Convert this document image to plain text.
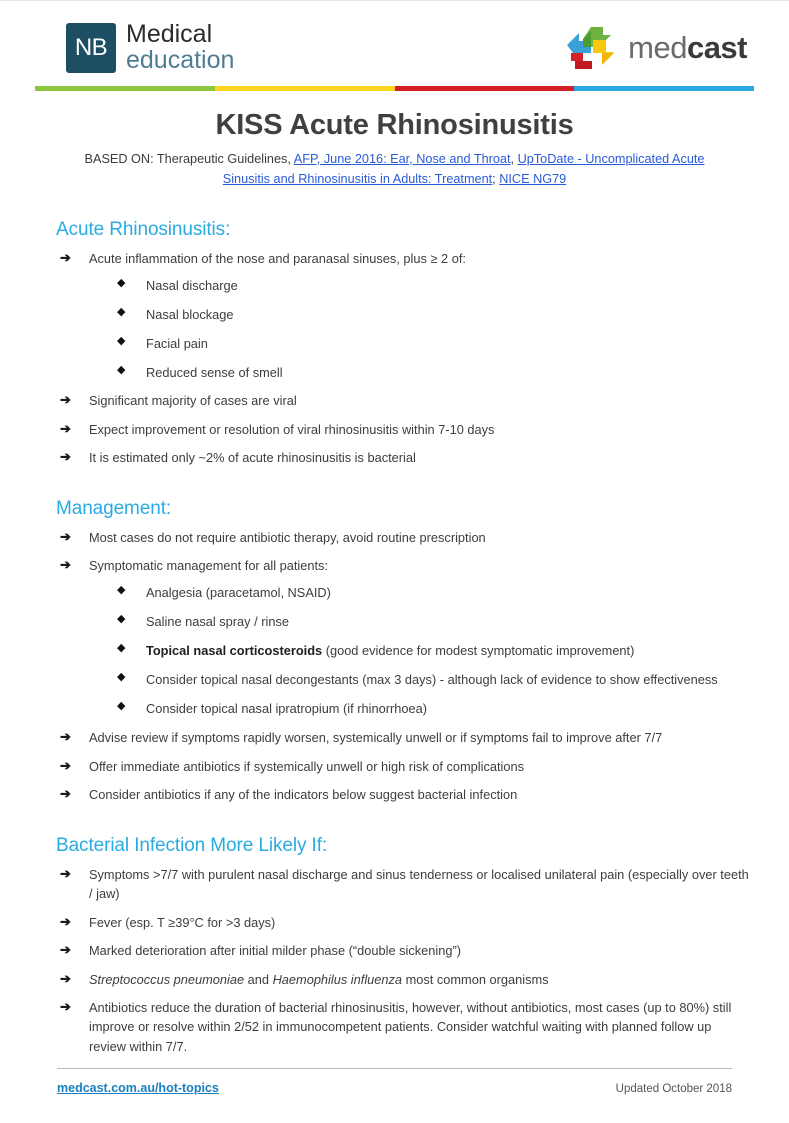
NB Medical
education	medcast
KISS Acute Rhinosinusitis
BASED ON: Therapeutic Guidelines, AFP, June 2016: Ear, Nose and Throat, UpToDate - Uncomplicated Acute Sinusitis and Rhinosinusitis in Adults: Treatment; NICE NG79
Acute Rhinosinusitis:
➔ Acute inflammation of the nose and paranasal sinuses, plus ≥ 2 of:
◆ Nasal discharge
◆ Nasal blockage
◆ Facial pain
◆ Reduced sense of smell
➔ Significant majority of cases are viral
➔ Expect improvement or resolution of viral rhinosinusitis within 7-10 days
➔ It is estimated only ~2% of acute rhinosinusitis is bacterial
Management:
➔ Most cases do not require antibiotic therapy, avoid routine prescription
➔ Symptomatic management for all patients:
◆ Analgesia (paracetamol, NSAID)
◆ Saline nasal spray / rinse
◆ Topical nasal corticosteroids (good evidence for modest symptomatic improvement)
◆ Consider topical nasal decongestants (max 3 days) - although lack of evidence to show effectiveness
◆ Consider topical nasal ipratropium (if rhinorrhoea)
➔ Advise review if symptoms rapidly worsen, systemically unwell or if symptoms fail to improve after 7/7
➔ Offer immediate antibiotics if systemically unwell or high risk of complications
➔ Consider antibiotics if any of the indicators below suggest bacterial infection
Bacterial Infection More Likely If:
➔ Symptoms >7/7 with purulent nasal discharge and sinus tenderness or localised unilateral pain (especially over teeth / jaw)
➔ Fever (esp. T ≥39°C for >3 days)
➔ Marked deterioration after initial milder phase (“double sickening”)
➔ Streptococcus pneumoniae and Haemophilus influenza most common organisms
➔ Antibiotics reduce the duration of bacterial rhinosinusitis, however, without antibiotics, most cases (up to 80%) still improve or resolve within 2/52 in immunocompetent patients. Consider watchful waiting with planned follow up review within 7/7.
medcast.com.au/hot-topics	Updated October 2018
